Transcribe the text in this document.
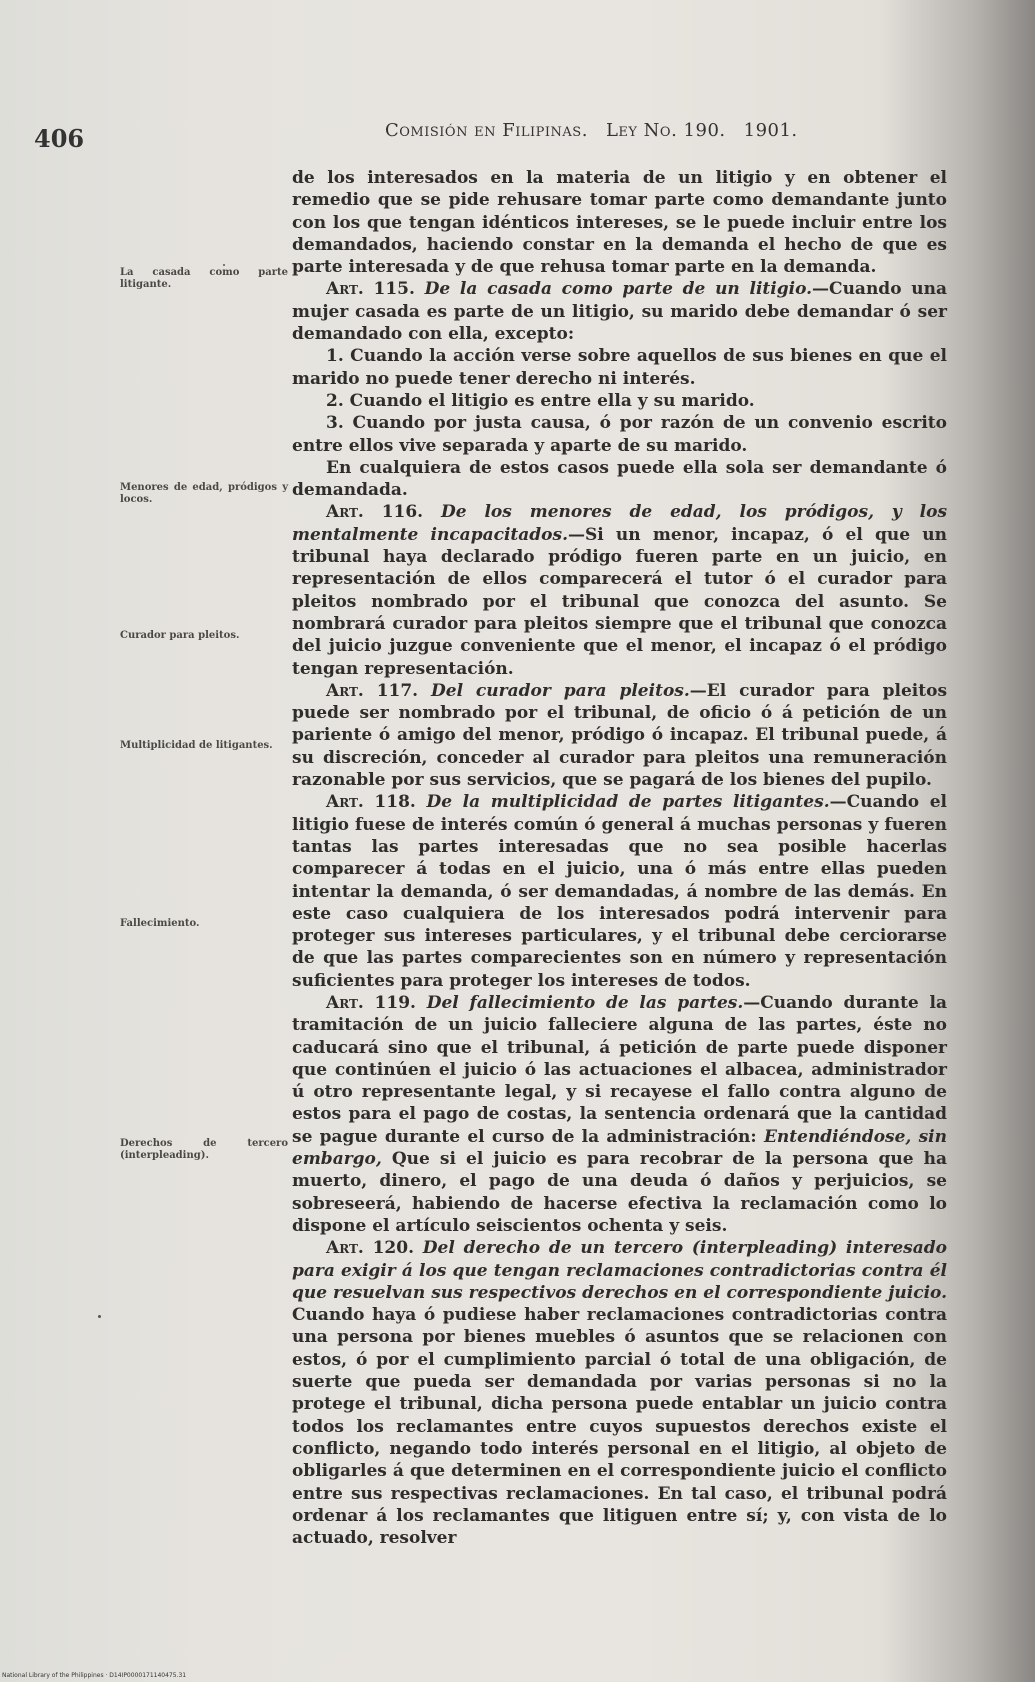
406	Comisión en Filipinas. Ley No. 190. 1901.
La casada como parte litigante.
Menores de edad, pródigos y locos.
Curador para pleitos.
Multiplicidad de litigantes.
Fallecimiento.
Derechos de tercero (interpleading).

de los interesados en la materia de un litigio y en obtener el remedio que se pide rehusare tomar parte como demandante junto con los que tengan idénticos intereses, se le puede incluir entre los demandados, haciendo constar en la demanda el hecho de que es parte interesada y de que rehusa tomar parte en la demanda.

Art. 115. De la casada como parte de un litigio.—Cuando una mujer casada es parte de un litigio, su marido debe demandar ó ser demandado con ella, excepto:

1. Cuando la acción verse sobre aquellos de sus bienes en que el marido no puede tener derecho ni interés.

2. Cuando el litigio es entre ella y su marido.

3. Cuando por justa causa, ó por razón de un convenio escrito entre ellos vive separada y aparte de su marido.

En cualquiera de estos casos puede ella sola ser demandante ó demandada.

Art. 116. De los menores de edad, los pródigos, y los mentalmente incapacitados.—Si un menor, incapaz, ó el que un tribunal haya declarado pródigo fueren parte en un juicio, en representación de ellos comparecerá el tutor ó el curador para pleitos nombrado por el tribunal que conozca del asunto. Se nombrará curador para pleitos siempre que el tribunal que conozca del juicio juzgue conveniente que el menor, el incapaz ó el pródigo tengan representación.

Art. 117. Del curador para pleitos.—El curador para pleitos puede ser nombrado por el tribunal, de oficio ó á petición de un pariente ó amigo del menor, pródigo ó incapaz. El tribunal puede, á su discreción, conceder al curador para pleitos una remuneración razonable por sus servicios, que se pagará de los bienes del pupilo.

Art. 118. De la multiplicidad de partes litigantes.—Cuando el litigio fuese de interés común ó general á muchas personas y fueren tantas las partes interesadas que no sea posible hacerlas comparecer á todas en el juicio, una ó más entre ellas pueden intentar la demanda, ó ser demandadas, á nombre de las demás. En este caso cualquiera de los interesados podrá intervenir para proteger sus intereses particulares, y el tribunal debe cerciorarse de que las partes comparecientes son en número y representación suficientes para proteger los intereses de todos.

Art. 119. Del fallecimiento de las partes.—Cuando durante la tramitación de un juicio falleciere alguna de las partes, éste no caducará sino que el tribunal, á petición de parte puede disponer que continúen el juicio ó las actuaciones el albacea, administrador ú otro representante legal, y si recayese el fallo contra alguno de estos para el pago de costas, la sentencia ordenará que la cantidad se pague durante el curso de la administración: Entendiéndose, sin embargo, Que si el juicio es para recobrar de la persona que ha muerto, dinero, el pago de una deuda ó daños y perjuicios, se sobreseerá, habiendo de hacerse efectiva la reclamación como lo dispone el artículo seiscientos ochenta y seis.

Art. 120. Del derecho de un tercero (interpleading) interesado para exigir á los que tengan reclamaciones contradictorias contra él que resuelvan sus respectivos derechos en el correspondiente juicio. Cuando haya ó pudiese haber reclamaciones contradictorias contra una persona por bienes muebles ó asuntos que se relacionen con estos, ó por el cumplimiento parcial ó total de una obligación, de suerte que pueda ser demandada por varias personas si no la protege el tribunal, dicha persona puede entablar un juicio contra todos los reclamantes entre cuyos supuestos derechos existe el conflicto, negando todo interés personal en el litigio, al objeto de obligarles á que determinen en el correspondiente juicio el conflicto entre sus respectivas reclamaciones. En tal caso, el tribunal podrá ordenar á los reclamantes que litiguen entre sí; y, con vista de lo actuado, resolver

National Library of the Philippines · D14IP0000171140475.31
